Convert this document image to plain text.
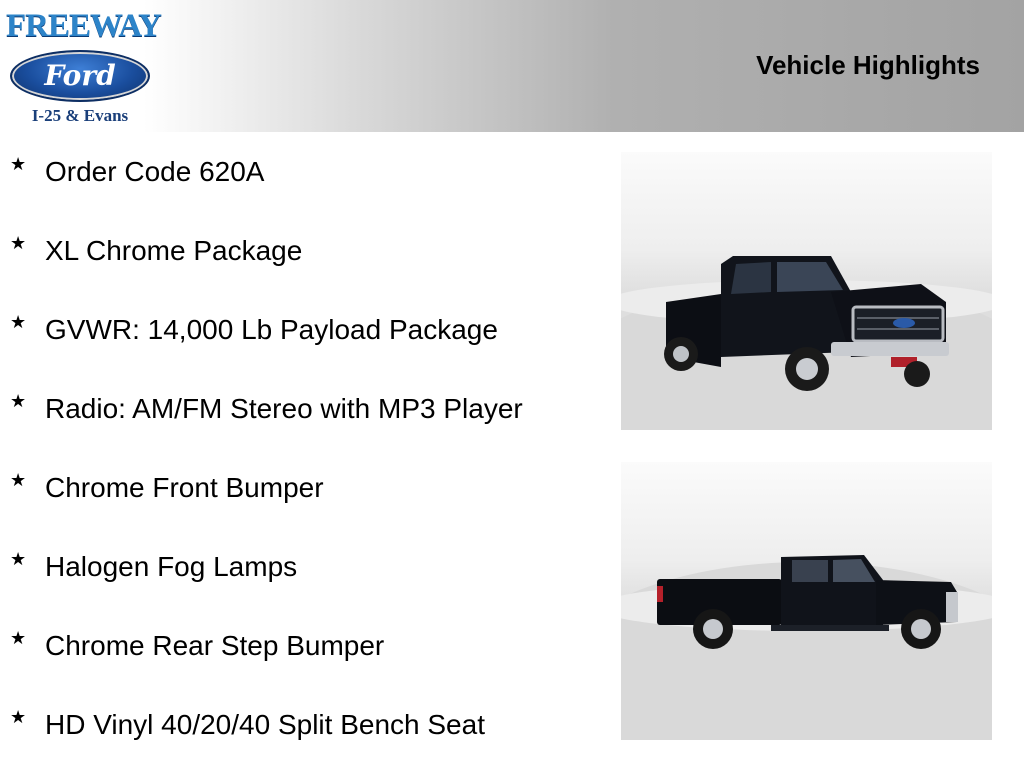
FREEWAY
Ford
I-25 & Evans
Vehicle Highlights
★ Order Code 620A
★ XL Chrome Package
★ GVWR: 14,000 Lb Payload Package
★ Radio: AM/FM Stereo with MP3 Player
★ Chrome Front Bumper
★ Halogen Fog Lamps
★ Chrome Rear Step Bumper
★ HD Vinyl 40/20/40 Split Bench Seat
